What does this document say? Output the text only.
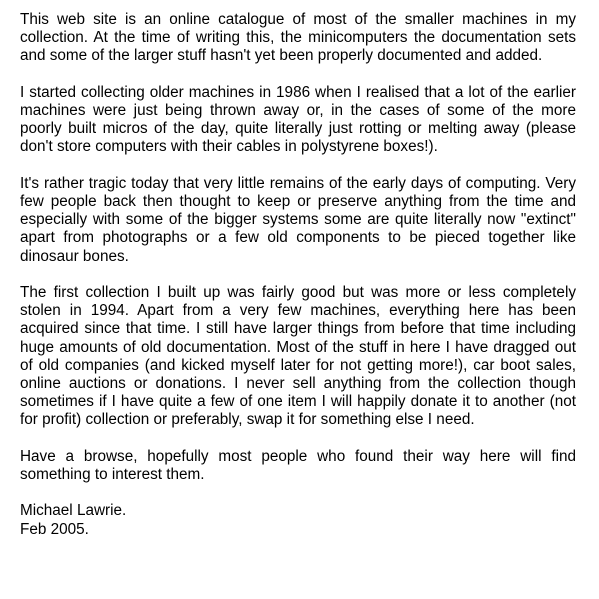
This web site is an online catalogue of most of the smaller machines in my collection. At the time of writing this, the minicomputers the documentation sets and some of the larger stuff hasn't yet been properly documented and added.

I started collecting older machines in 1986 when I realised that a lot of the earlier machines were just being thrown away or, in the cases of some of the more poorly built micros of the day, quite literally just rotting or melting away (please don't store computers with their cables in polystyrene boxes!).

It's rather tragic today that very little remains of the early days of computing. Very few people back then thought to keep or preserve anything from the time and especially with some of the bigger systems some are quite literally now "extinct" apart from photographs or a few old components to be pieced together like dinosaur bones.

The first collection I built up was fairly good but was more or less completely stolen in 1994. Apart from a very few machines, everything here has been acquired since that time. I still have larger things from before that time including huge amounts of old documentation. Most of the stuff in here I have dragged out of old companies (and kicked myself later for not getting more!), car boot sales, online auctions or donations. I never sell anything from the collection though sometimes if I have quite a few of one item I will happily donate it to another (not for profit) collection or preferably, swap it for something else I need.

Have a browse, hopefully most people who found their way here will find something to interest them.

Michael Lawrie.
Feb 2005.
